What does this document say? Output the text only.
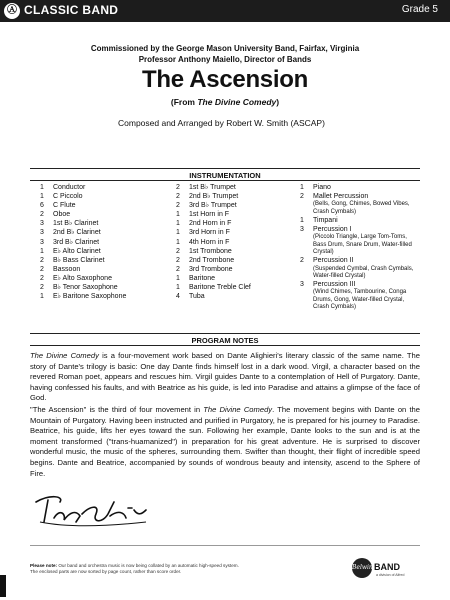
Ⓐ CLASSIC BAND	Grade 5
Commissioned by the George Mason University Band, Fairfax, Virginia
Professor Anthony Maiello, Director of Bands
The Ascension
(From The Divine Comedy)
Composed and Arranged by Robert W. Smith (ASCAP)
INSTRUMENTATION
1	Conductor
1	C Piccolo
6	C Flute
2	Oboe
3	1st B♭ Clarinet
3	2nd B♭ Clarinet
3	3rd B♭ Clarinet
1	E♭ Alto Clarinet
2	B♭ Bass Clarinet
2	Bassoon
2	E♭ Alto Saxophone
2	B♭ Tenor Saxophone
1	E♭ Baritone Saxophone
2	1st B♭ Trumpet
2	2nd B♭ Trumpet
2	3rd B♭ Trumpet
1	1st Horn in F
1	2nd Horn in F
1	3rd Horn in F
1	4th Horn in F
2	1st Trombone
2	2nd Trombone
2	3rd Trombone
1	Baritone
1	Baritone Treble Clef
4	Tuba
1	Piano
2	Mallet Percussion
(Bells, Gong, Chimes, Bowed Vibes,
Crash Cymbals)
1	Timpani
3	Percussion I
(Piccolo Triangle, Large Tom-Toms,
Bass Drum, Snare Drum, Water-filled
Crystal)
2	Percussion II
(Suspended Cymbal, Crash Cymbals,
Water-filled Crystal)
3	Percussion III
(Wind Chimes, Tambourine, Conga
Drums, Gong, Water-filled Crystal,
Crash Cymbals)
PROGRAM NOTES
The Divine Comedy is a four-movement work based on Dante Alighieri's literary classic of the same name. The story of Dante's trilogy is basic: One day Dante finds himself lost in a dark wood. Virgil, a character based on the revered Roman poet, appears and rescues him. Virgil guides Dante to a contemplation of Hell of Purgatory. Dante, having confessed his faults, and with Beatrice as his guide, is led into Paradise and attains a glimpse of the face of God.
"The Ascension" is the third of four movement in The Divine Comedy. The movement begins with Dante on the Mountain of Purgatory. Having been instructed and purified in Purgatory, he is prepared for his journey to Paradise. Beatrice, his guide, lifts her eyes toward the sun. Following her example, Dante looks to the sun and is at the moment transformed ("trans-huamanized") in preparation for his great adventure. He is surprised to discover wonderful music, the music of the spheres, surrounding them. Swifter than thought, their flight of incredible speed begins. Dante and Beatrice, accompanied by sounds of wondrous beauty and intensity, ascend to the Sphere of Fire.
Please note: Our band and orchestra music is now being collated by an automatic high-speed system.
The enclosed parts are now sorted by page count, rather than score order.
Belwin BAND
a division of Alfred
